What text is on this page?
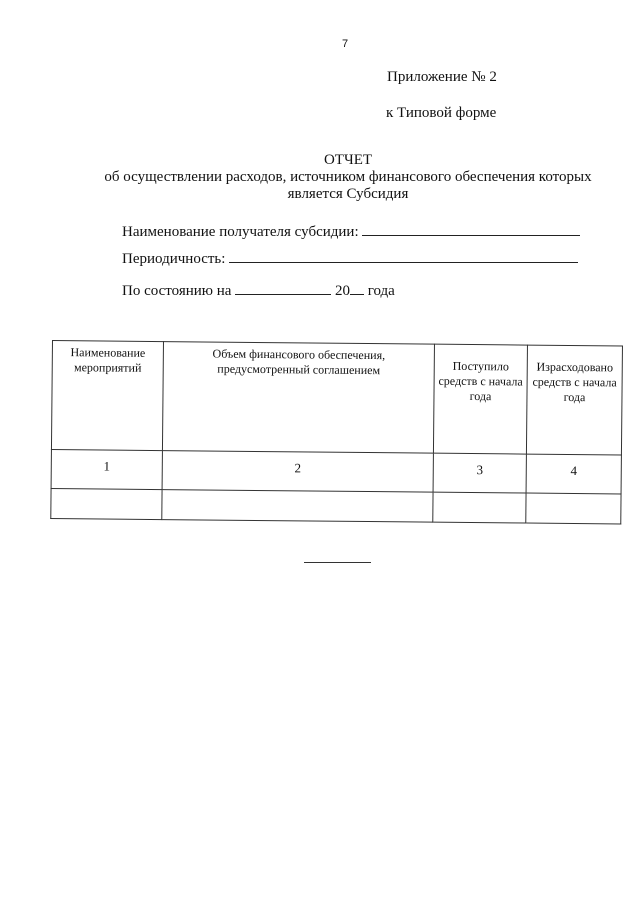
7
Приложение № 2
к Типовой форме
ОТЧЕТ
об осуществлении расходов, источником финансового обеспечения которых
является Субсидия
Наименование получателя субсидии:
Периодичность:
По состоянию на	20 года
Наименование мероприятий	Объем финансового обеспечения, предусмотренный соглашением	Поступило средств с начала года	Израсходовано средств с начала года
1	2	3	4
